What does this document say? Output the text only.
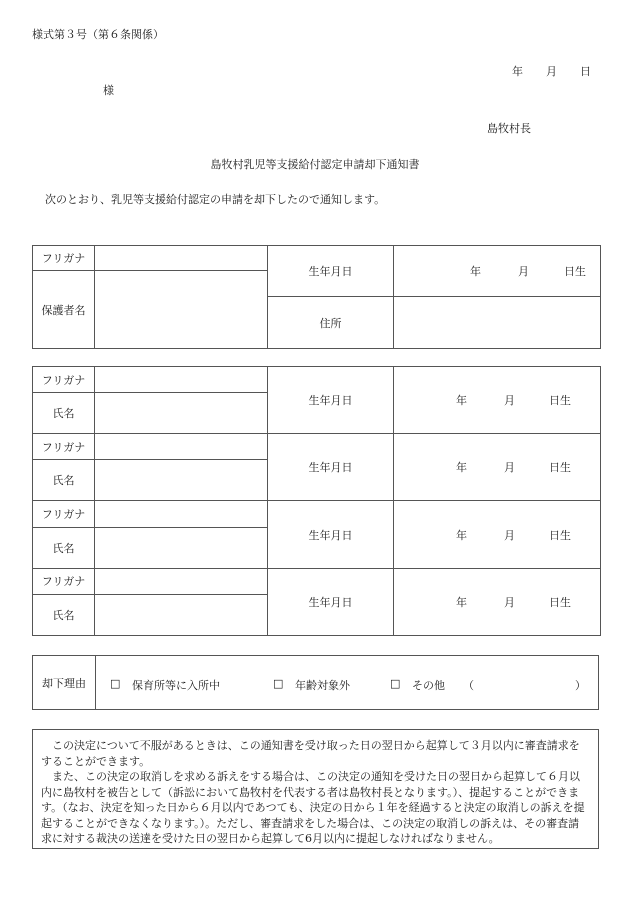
様式第３号（第６条関係）
年 月 日
様
島牧村長
島牧村乳児等支援給付認定申請却下通知書
次のとおり、乳児等支援給付認定の申請を却下したので通知します。
フリガナ		生年月日	年 月 日生

保護者名			
		住所	
フリガナ		生年月日	年 月 日生

氏名			
フリガナ		生年月日	年 月 日生

氏名			
フリガナ		生年月日	年 月 日生

氏名			
フリガナ		生年月日	年 月 日生

氏名			
却下理由	□ 保育所等に入所中	□ 年齢対象外	□ その他 （	）

この決定について不服があるときは、この通知書を受け取った日の翌日から起算して３月以内に審査請求をすることができます。

また、この決定の取消しを求める訴えをする場合は、この決定の通知を受けた日の翌日から起算して６月以内に島牧村を被告として（訴訟において島牧村を代表する者は島牧村長となります。）、提起することができます。（なお、決定を知った日から６月以内であつても、決定の日から１年を経過すると決定の取消しの訴えを提起することができなくなります。）。ただし、審査請求をした場合は、この決定の取消しの訴えは、その審査請求に対する裁決の送達を受けた日の翌日から起算して6月以内に提起しなければなりません。
